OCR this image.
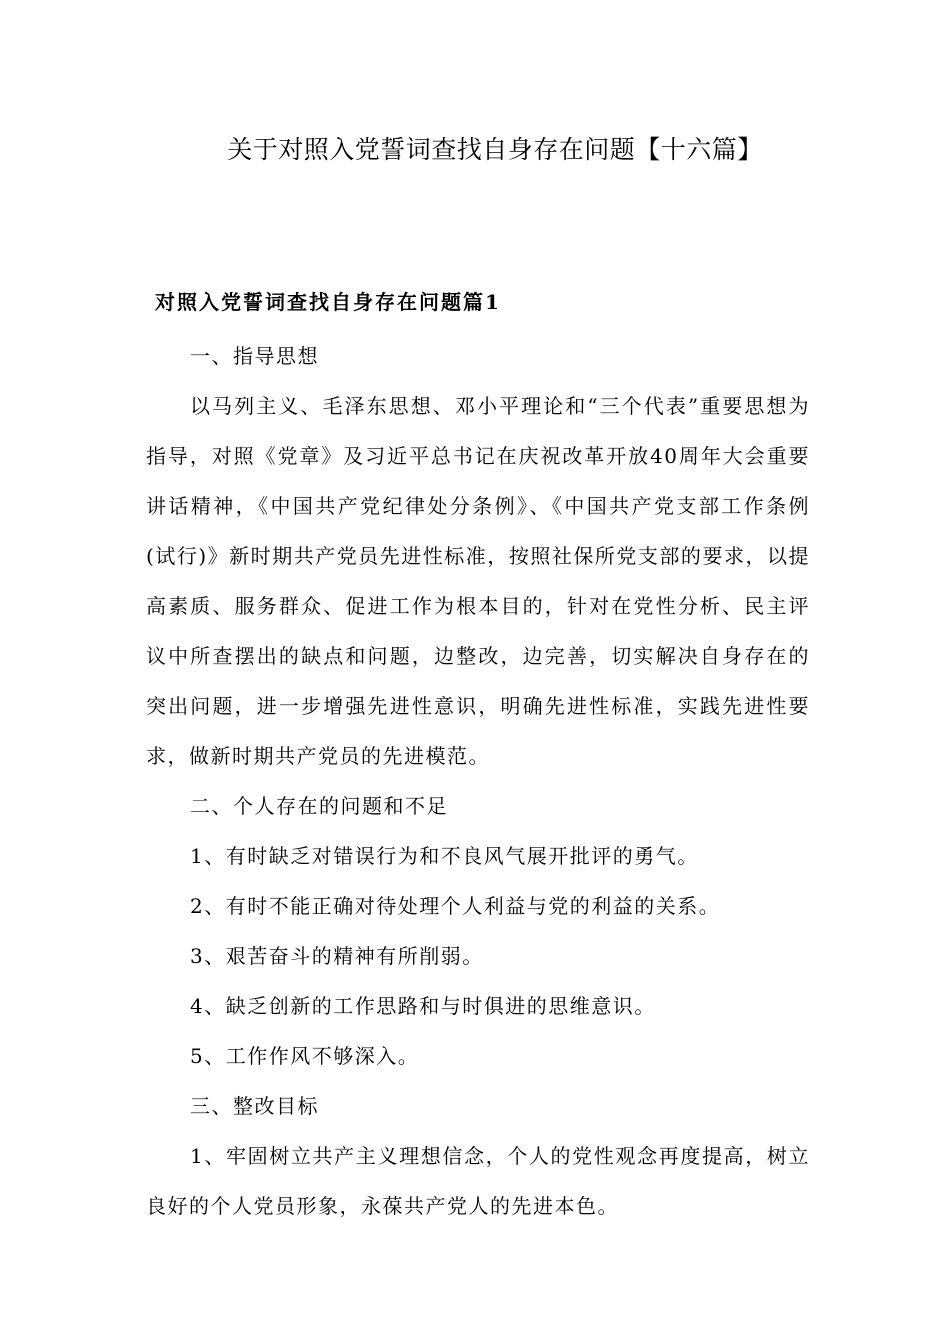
关于对照入党誓词查找自身存在问题【十六篇】
对照入党誓词查找自身存在问题篇1

一、指导思想

以马列主义、毛泽东思想、邓小平理论和“三个代表”重要思想为指导，对照《党章》及习近平总书记在庆祝改革开放40周年大会重要讲话精神，《中国共产党纪律处分条例》、《中国共产党支部工作条例(试行)》新时期共产党员先进性标准，按照社保所党支部的要求，以提高素质、服务群众、促进工作为根本目的，针对在党性分析、民主评议中所查摆出的缺点和问题，边整改，边完善，切实解决自身存在的突出问题，进一步增强先进性意识，明确先进性标准，实践先进性要求，做新时期共产党员的先进模范。

二、个人存在的问题和不足

1、有时缺乏对错误行为和不良风气展开批评的勇气。

2、有时不能正确对待处理个人利益与党的利益的关系。

3、艰苦奋斗的精神有所削弱。

4、缺乏创新的工作思路和与时俱进的思维意识。

5、工作作风不够深入。

三、整改目标

1、牢固树立共产主义理想信念，个人的党性观念再度提高，树立良好的个人党员形象，永葆共产党人的先进本色。
